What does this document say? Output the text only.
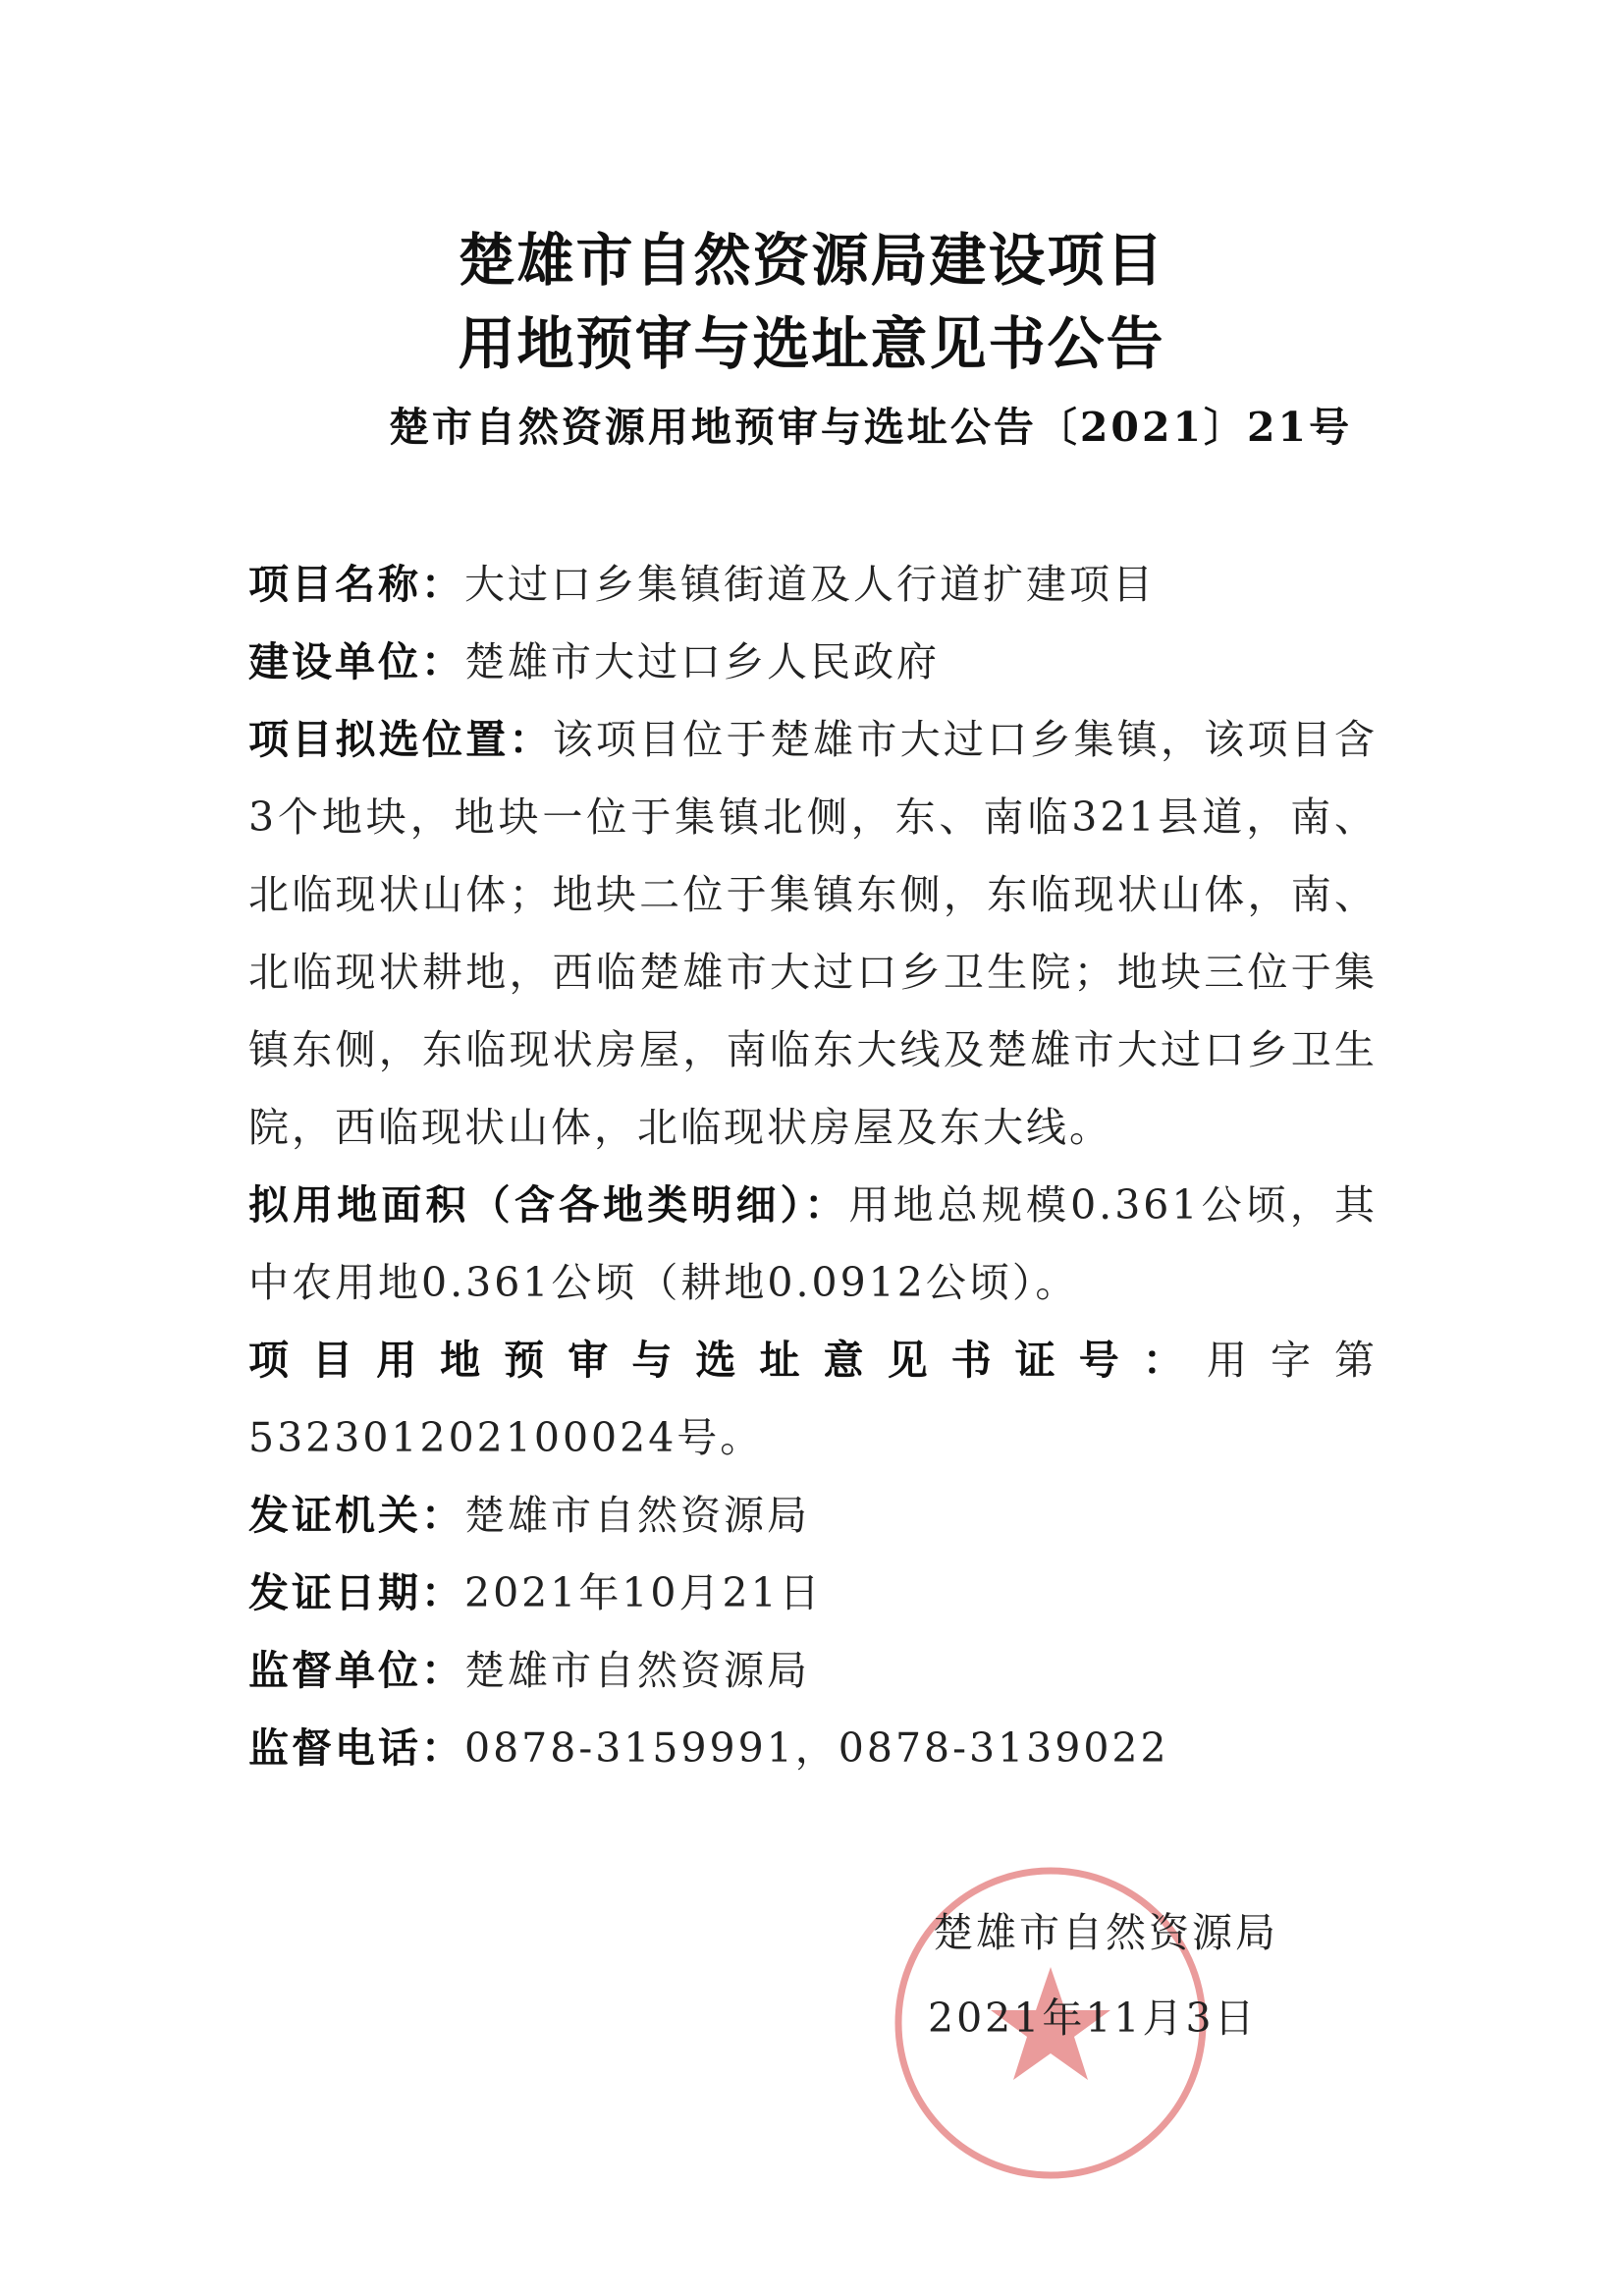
楚雄市自然资源局建设项目
用地预审与选址意见书公告
楚市自然资源用地预审与选址公告〔2021〕21号

项目名称：大过口乡集镇街道及人行道扩建项目

建设单位：楚雄市大过口乡人民政府

项目拟选位置：该项目位于楚雄市大过口乡集镇，该项目含3个地块，地块一位于集镇北侧，东、南临321县道，南、北临现状山体；地块二位于集镇东侧，东临现状山体，南、北临现状耕地，西临楚雄市大过口乡卫生院；地块三位于集镇东侧，东临现状房屋，南临东大线及楚雄市大过口乡卫生院，西临现状山体，北临现状房屋及东大线。

拟用地面积（含各地类明细）：用地总规模0.361公顷，其中农用地0.361公顷（耕地0.0912公顷）。

项目用地预审与选址意见书证号：用字第532301202100024号。

发证机关：楚雄市自然资源局

发证日期：2021年10月21日

监督单位：楚雄市自然资源局

监督电话：0878-3159991，0878-3139022

楚雄市自然资源局
2021年11月3日
